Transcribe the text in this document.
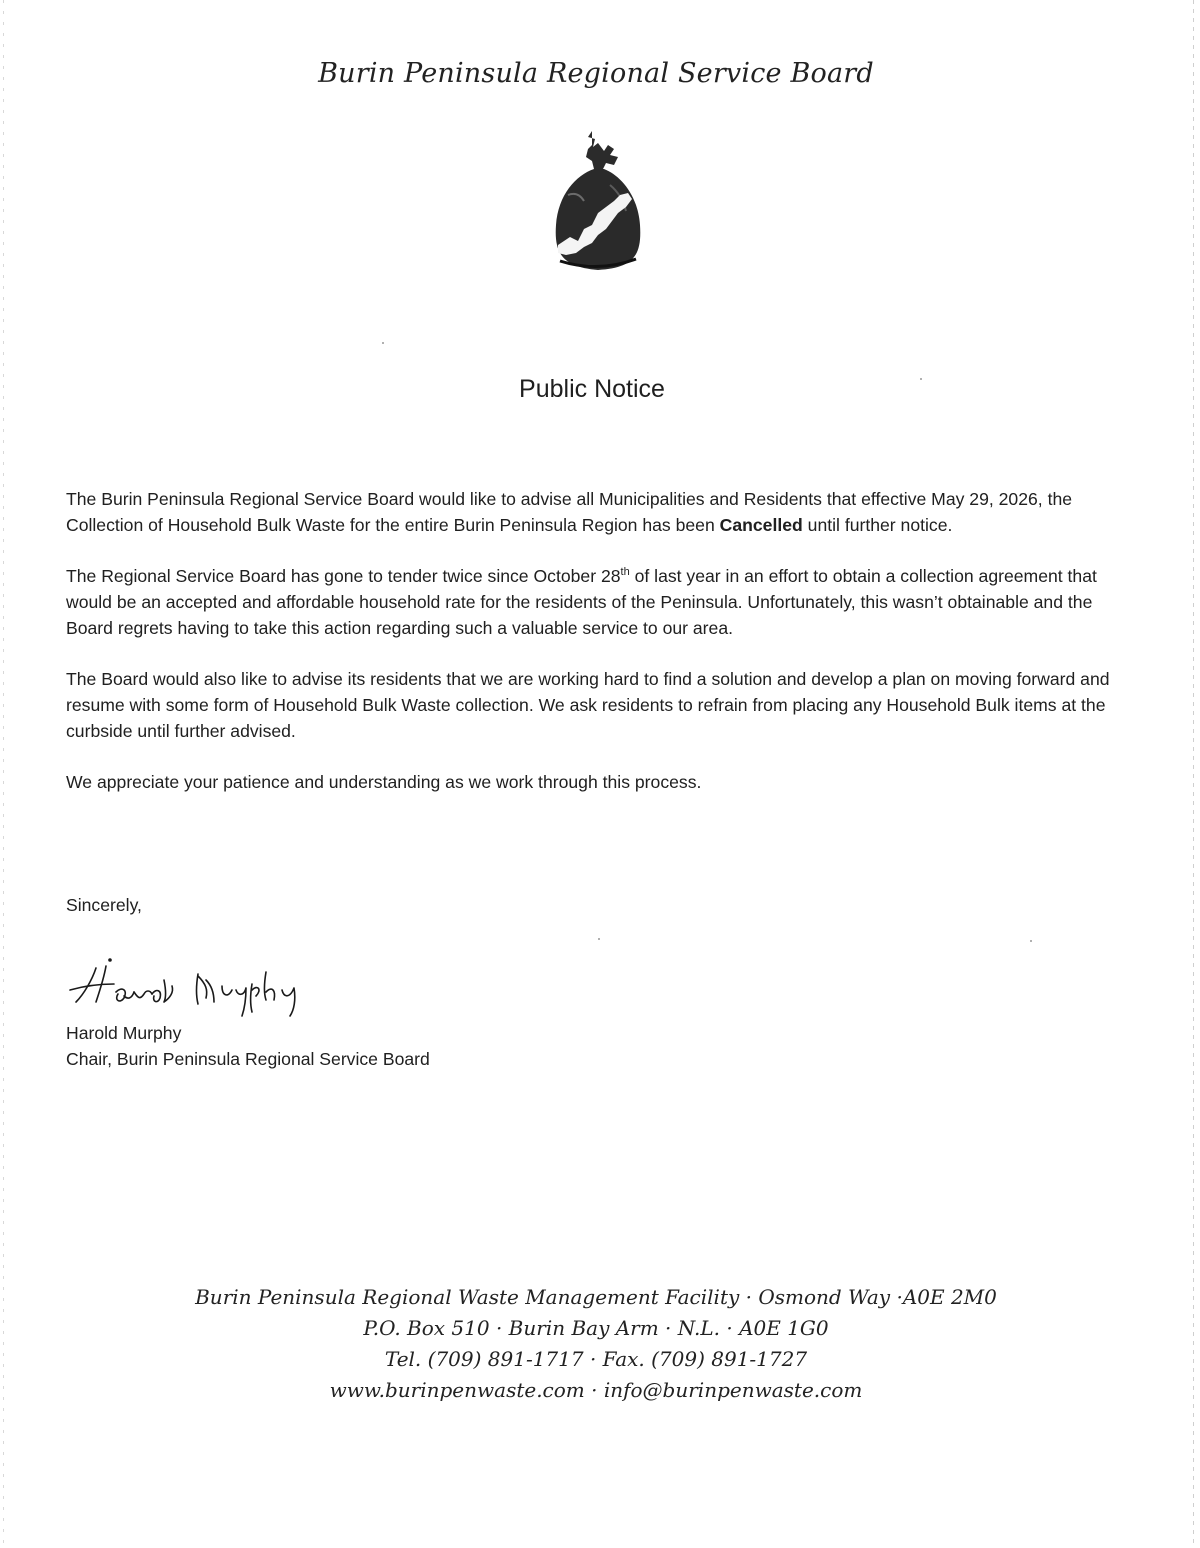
Burin Peninsula Regional Service Board
Public Notice

The Burin Peninsula Regional Service Board would like to advise all Municipalities and Residents that effective May 29, 2026, the Collection of Household Bulk Waste for the entire Burin Peninsula Region has been Cancelled until further notice.

The Regional Service Board has gone to tender twice since October 28th of last year in an effort to obtain a collection agreement that would be an accepted and affordable household rate for the residents of the Peninsula. Unfortunately, this wasn’t obtainable and the Board regrets having to take this action regarding such a valuable service to our area.

The Board would also like to advise its residents that we are working hard to find a solution and develop a plan on moving forward and resume with some form of Household Bulk Waste collection. We ask residents to refrain from placing any Household Bulk items at the curbside until further advised.

We appreciate your patience and understanding as we work through this process.

Sincerely,
Harold Murphy
Chair, Burin Peninsula Regional Service Board
Burin Peninsula Regional Waste Management Facility · Osmond Way ·A0E 2M0
P.O. Box 510 · Burin Bay Arm · N.L. · A0E 1G0
Tel. (709) 891-1717 · Fax. (709) 891-1727
www.burinpenwaste.com · info@burinpenwaste.com
